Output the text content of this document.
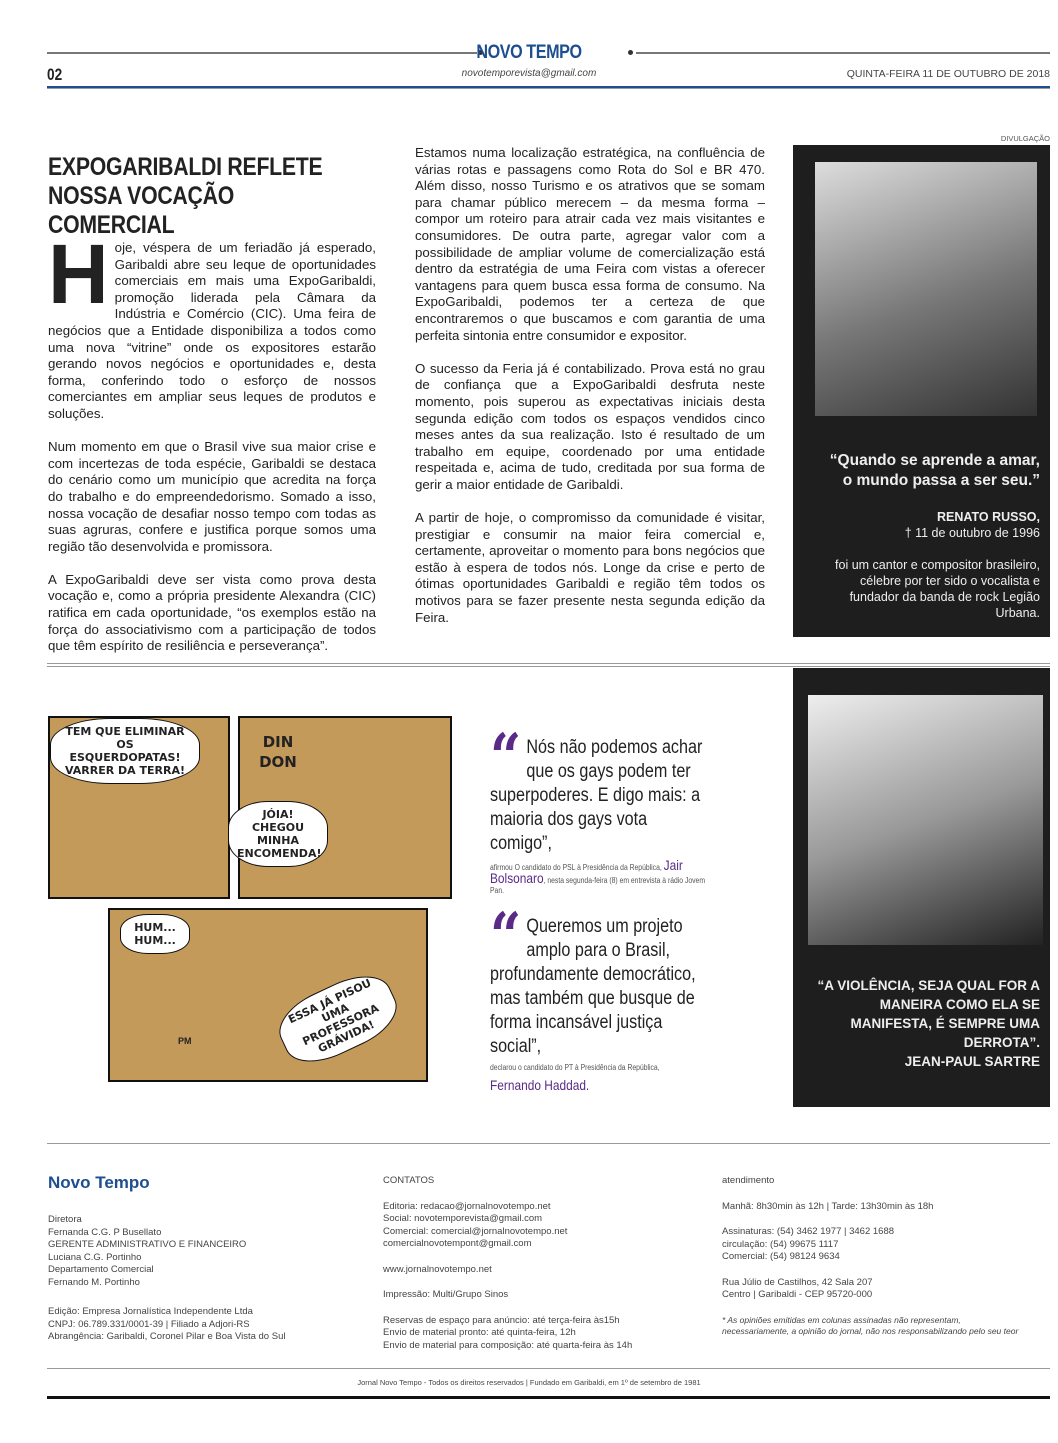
NOVO TEMPO
novotemporevista@gmail.com
02	QUINTA-FEIRA 11 DE OUTUBRO DE 2018
EXPOGARIBALDI REFLETE NOSSA VOCAÇÃO COMERCIAL

Hoje, véspera de um feriadão já esperado, Garibaldi abre seu leque de oportunidades comerciais em mais uma ExpoGaribaldi, promoção liderada pela Câmara da Indústria e Comércio (CIC). Uma feira de negócios que a Entidade disponibiliza a todos como uma nova “vitrine” onde os expositores estarão gerando novos negócios e oportunidades e, desta forma, conferindo todo o esforço de nossos comerciantes em ampliar seus leques de produtos e soluções.

Num momento em que o Brasil vive sua maior crise e com incertezas de toda espécie, Garibaldi se destaca do cenário como um município que acredita na força do trabalho e do empreendedorismo. Somado a isso, nossa vocação de desafiar nosso tempo com todas as suas agruras, confere e justifica porque somos uma região tão desenvolvida e promissora.

A ExpoGaribaldi deve ser vista como prova desta vocação e, como a própria presidente Alexandra (CIC) ratifica em cada oportunidade, “os exemplos estão na força do associativismo com a participação de todos que têm espírito de resiliência e perseverança”.

Estamos numa localização estratégica, na confluência de várias rotas e passagens como Rota do Sol e BR 470. Além disso, nosso Turismo e os atrativos que se somam para chamar público merecem – da mesma forma – compor um roteiro para atrair cada vez mais visitantes e consumidores. De outra parte, agregar valor com a possibilidade de ampliar volume de comercialização está dentro da estratégia de uma Feira com vistas a oferecer vantagens para quem busca essa forma de consumo. Na ExpoGaribaldi, podemos ter a certeza de que encontraremos o que buscamos e com garantia de uma perfeita sintonia entre consumidor e expositor.

O sucesso da Feria já é contabilizado. Prova está no grau de confiança que a ExpoGaribaldi desfruta neste momento, pois superou as expectativas iniciais desta segunda edição com todos os espaços vendidos cinco meses antes da sua realização. Isto é resultado de um trabalho em equipe, coordenado por uma entidade respeitada e, acima de tudo, creditada por sua forma de gerir a maior entidade de Garibaldi.

A partir de hoje, o compromisso da comunidade é visitar, prestigiar e consumir na maior feira comercial e, certamente, aproveitar o momento para bons negócios que estão à espera de todos nós. Longe da crise e perto de ótimas oportunidades Garibaldi e região têm todos os motivos para se fazer presente nesta segunda edição da Feira.

DIVULGAÇÃO
“Quando se aprende a amar, o mundo passa a ser seu.”
RENATO RUSSO,
† 11 de outubro de 1996
foi um cantor e compositor brasileiro, célebre por ter sido o vocalista e fundador da banda de rock Legião Urbana.
TEM QUE ELIMINAR OS ESQUERDOPATAS! VARRER DA TERRA!
DIN DON
JÓIA! CHEGOU MINHA ENCOMENDA!
HUM... HUM...
ESSA JÁ PISOU UMA PROFESSORA GRÁVIDA!
PM
“ Nós não podemos achar que os gays podem ter superpoderes. E digo mais: a maioria dos gays vota comigo”,
afirmou O candidato do PSL à Presidência da República, Jair Bolsonaro, nesta segunda-feira (8) em entrevista à rádio Jovem Pan.
“ Queremos um projeto amplo para o Brasil, profundamente democrático, mas também que busque de forma incansável justiça social”,
declarou o candidato do PT à Presidência da República,
Fernando Haddad.
“A VIOLÊNCIA, SEJA QUAL FOR A MANEIRA COMO ELA SE MANIFESTA, É SEMPRE UMA DERROTA”.
JEAN-PAUL SARTRE
Novo Tempo
Diretora
Fernanda C.G. P Busellato
GERENTE ADMINISTRATIVO E FINANCEIRO
Luciana C.G. Portinho
Departamento Comercial
Fernando M. Portinho
Edição: Empresa Jornalística Independente Ltda
CNPJ: 06.789.331/0001-39 | Filiado a Adjori-RS
Abrangência: Garibaldi, Coronel Pilar e Boa Vista do Sul
CONTATOS
Editoria: redacao@jornalnovotempo.net
Social: novotemporevista@gmail.com
Comercial: comercial@jornalnovotempo.net
comercialnovotempont@gmail.com
www.jornalnovotempo.net
Impressão: Multi/Grupo Sinos
Reservas de espaço para anúncio: até terça-feira às15h
Envio de material pronto: até quinta-feira, 12h
Envio de material para composição: até quarta-feira às 14h
atendimento
Manhã: 8h30min às 12h | Tarde: 13h30min às 18h
Assinaturas: (54) 3462 1977 | 3462 1688
circulação: (54) 99675 1117
Comercial: (54) 98124 9634
Rua Júlio de Castilhos, 42 Sala 207
Centro | Garibaldi - CEP 95720-000
* As opiniões emitidas em colunas assinadas não representam,
necessariamente, a opinião do jornal, não nos responsabilizando pelo seu teor
Jornal Novo Tempo - Todos os direitos reservados | Fundado em Garibaldi, em 1º de setembro de 1981
